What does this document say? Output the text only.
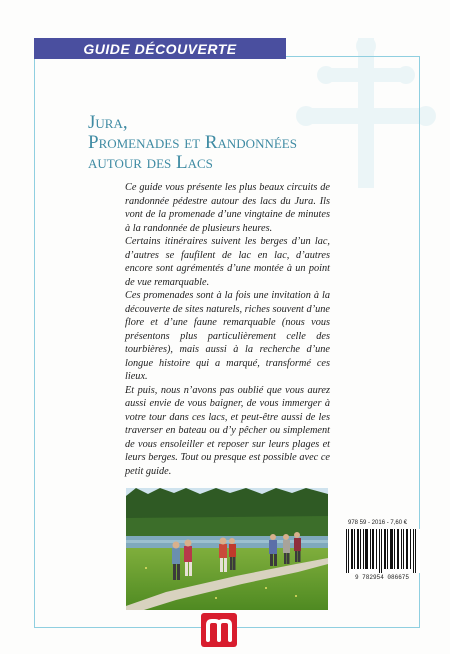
GUIDE DÉCOUVERTE
Jura,
Promenades et Randonnées
autour des Lacs

Ce guide vous présente les plus beaux circuits de randonnée pédestre autour des lacs du Jura. Ils vont de la promenade d’une vingtaine de minutes à la randonnée de plusieurs heures.

Certains itinéraires suivent les berges d’un lac, d’autres se faufilent de lac en lac, d’autres encore sont agrémentés d’une montée à un point de vue remarquable.

Ces promenades sont à la fois une invitation à la découverte de sites naturels, riches souvent d’une flore et d’une faune remarquable (nous vous présentons plus particulièrement celle des tourbières), mais aussi à la recherche d’une longue histoire qui a marqué, transformé ces lieux.

Et puis, nous n’avons pas oublié que vous aurez aussi envie de vous baigner, de vous immerger à votre tour dans ces lacs, et peut-être aussi de les traverser en bateau ou d’y pêcher ou simplement de vous ensoleiller et reposer sur leurs plages et leurs berges. Tout ou presque est possible avec ce petit guide.

978 59 - 2016 - 7,60 €
9 782954 086675
